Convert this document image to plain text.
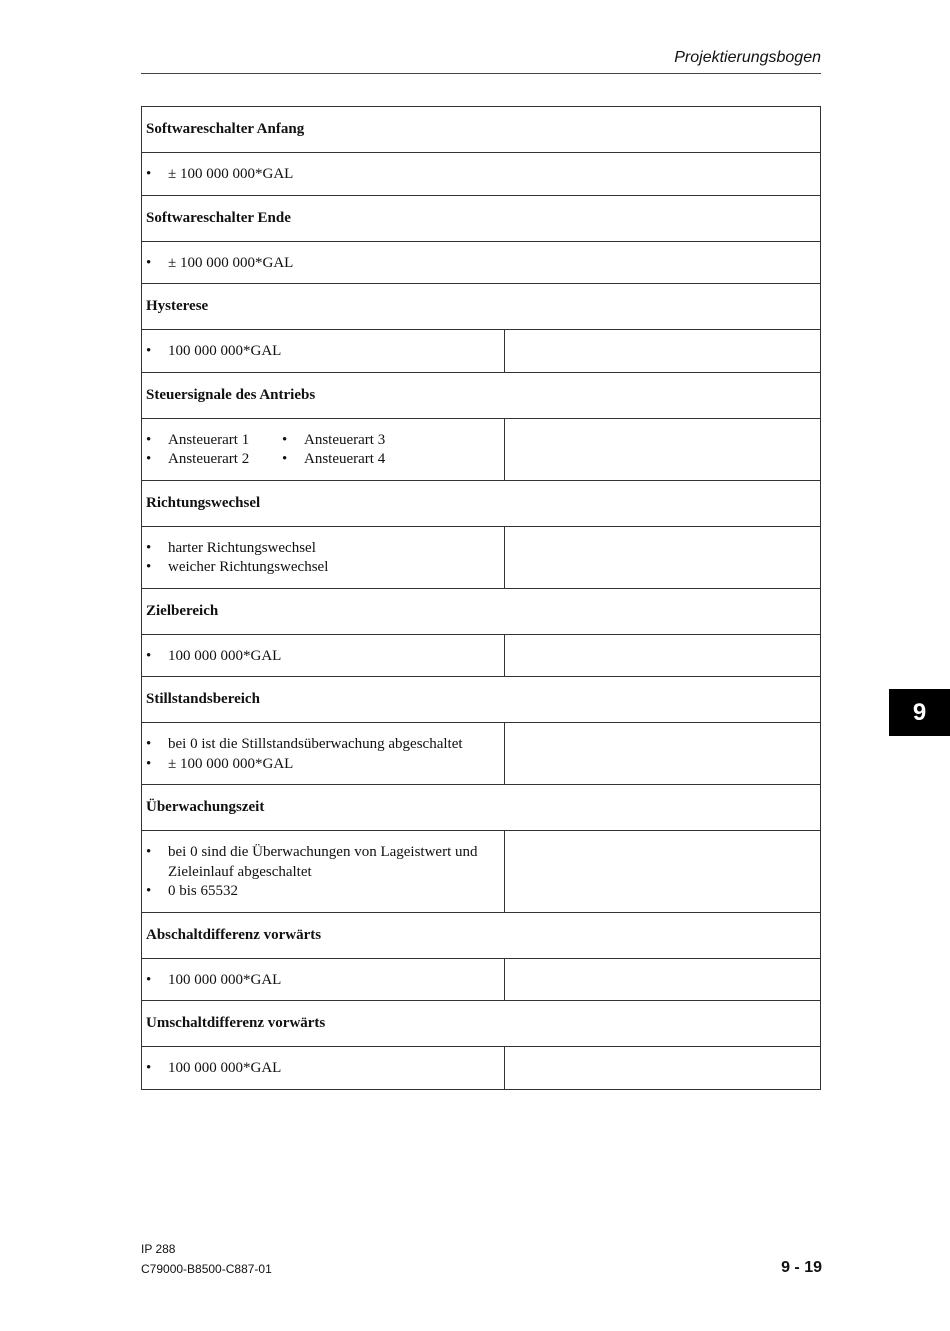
Projektierungsbogen
Softwareschalter Anfang
•	± 100 000 000*GAL
Softwareschalter Ende
•	± 100 000 000*GAL
Hysterese
•	100 000 000*GAL
Steuersignale des Antriebs
•	Ansteuerart 1 •	Ansteuerart 3
•	Ansteuerart 2 •	Ansteuerart 4
Richtungswechsel
•	harter Richtungswechsel
•	weicher Richtungswechsel
Zielbereich
•	100 000 000*GAL
Stillstandsbereich
•	bei 0 ist die Stillstandsüberwachung abgeschaltet
•	± 100 000 000*GAL
Überwachungszeit
•	bei 0 sind die Überwachungen von Lageistwert und Zieleinlauf abgeschaltet
•	0 bis 65532
Abschaltdifferenz vorwärts
•	100 000 000*GAL
Umschaltdifferenz vorwärts
•	100 000 000*GAL
9
IP 288
C79000-B8500-C887-01	9 - 19
